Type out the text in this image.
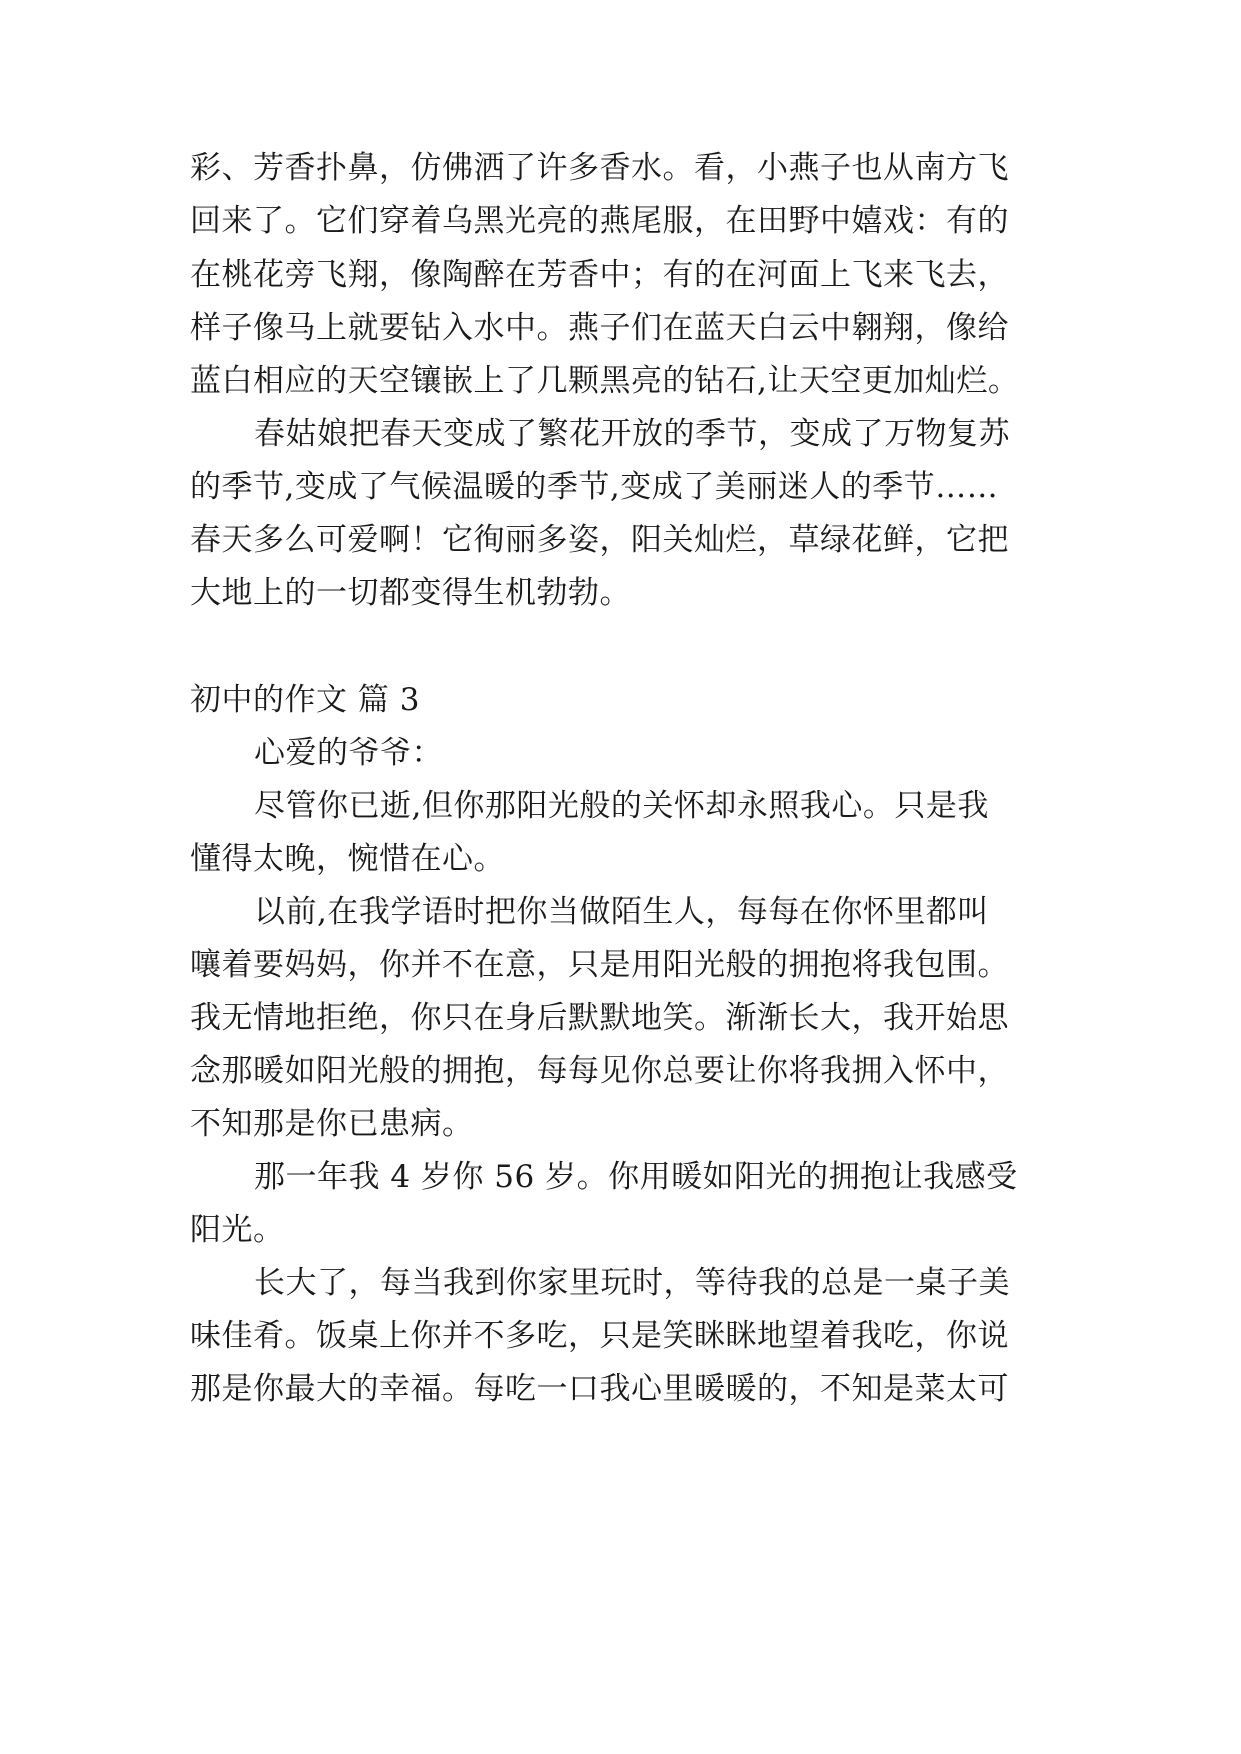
彩、芳香扑鼻，仿佛洒了许多香水。看，小燕子也从南方飞
回来了。它们穿着乌黑光亮的燕尾服，在田野中嬉戏：有的
在桃花旁飞翔，像陶醉在芳香中；有的在河面上飞来飞去，
样子像马上就要钻入水中。燕子们在蓝天白云中翱翔，像给
蓝白相应的天空镶嵌上了几颗黑亮的钻石,让天空更加灿烂。
春姑娘把春天变成了繁花开放的季节，变成了万物复苏
的季节,变成了气候温暖的季节,变成了美丽迷人的季节……
春天多么可爱啊！它徇丽多姿，阳关灿烂，草绿花鲜，它把
大地上的一切都变得生机勃勃。
初中的作文 篇 3
心爱的爷爷：
尽管你已逝,但你那阳光般的关怀却永照我心。只是我
懂得太晚，惋惜在心。
以前,在我学语时把你当做陌生人，每每在你怀里都叫
嚷着要妈妈，你并不在意，只是用阳光般的拥抱将我包围。
我无情地拒绝，你只在身后默默地笑。渐渐长大，我开始思
念那暖如阳光般的拥抱，每每见你总要让你将我拥入怀中，
不知那是你已患病。
那一年我 4 岁你 56 岁。你用暖如阳光的拥抱让我感受
阳光。
长大了，每当我到你家里玩时，等待我的总是一桌子美
味佳肴。饭桌上你并不多吃，只是笑眯眯地望着我吃，你说
那是你最大的幸福。每吃一口我心里暖暖的，不知是菜太可
